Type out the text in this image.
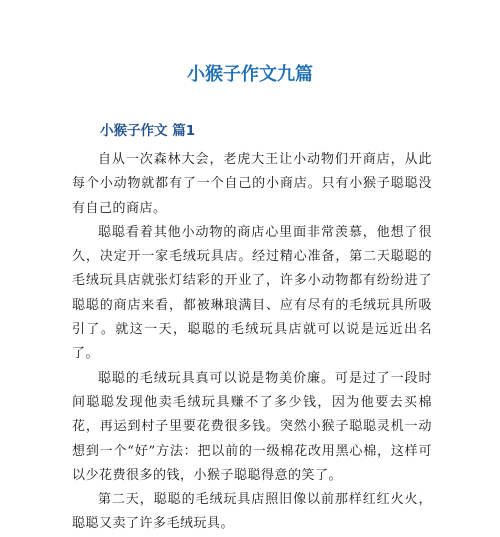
小猴子作文九篇
小猴子作文 篇1

自从一次森林大会，老虎大王让小动物们开商店，从此每个小动物就都有了一个自己的小商店。只有小猴子聪聪没有自己的商店。

聪聪看着其他小动物的商店心里面非常羡慕，他想了很久，决定开一家毛绒玩具店。经过精心准备，第二天聪聪的毛绒玩具店就张灯结彩的开业了，许多小动物都有纷纷进了聪聪的商店来看，都被琳琅满目、应有尽有的毛绒玩具所吸引了。就这一天，聪聪的毛绒玩具店就可以说是远近出名了。

聪聪的毛绒玩具真可以说是物美价廉。可是过了一段时间聪聪发现他卖毛绒玩具赚不了多少钱，因为他要去买棉花，再运到村子里要花费很多钱。突然小猴子聪聪灵机一动想到一个“好”方法：把以前的一级棉花改用黑心棉，这样可以少花费很多的钱，小猴子聪聪得意的笑了。

第二天，聪聪的毛绒玩具店照旧像以前那样红红火火，聪聪又卖了许多毛绒玩具。
